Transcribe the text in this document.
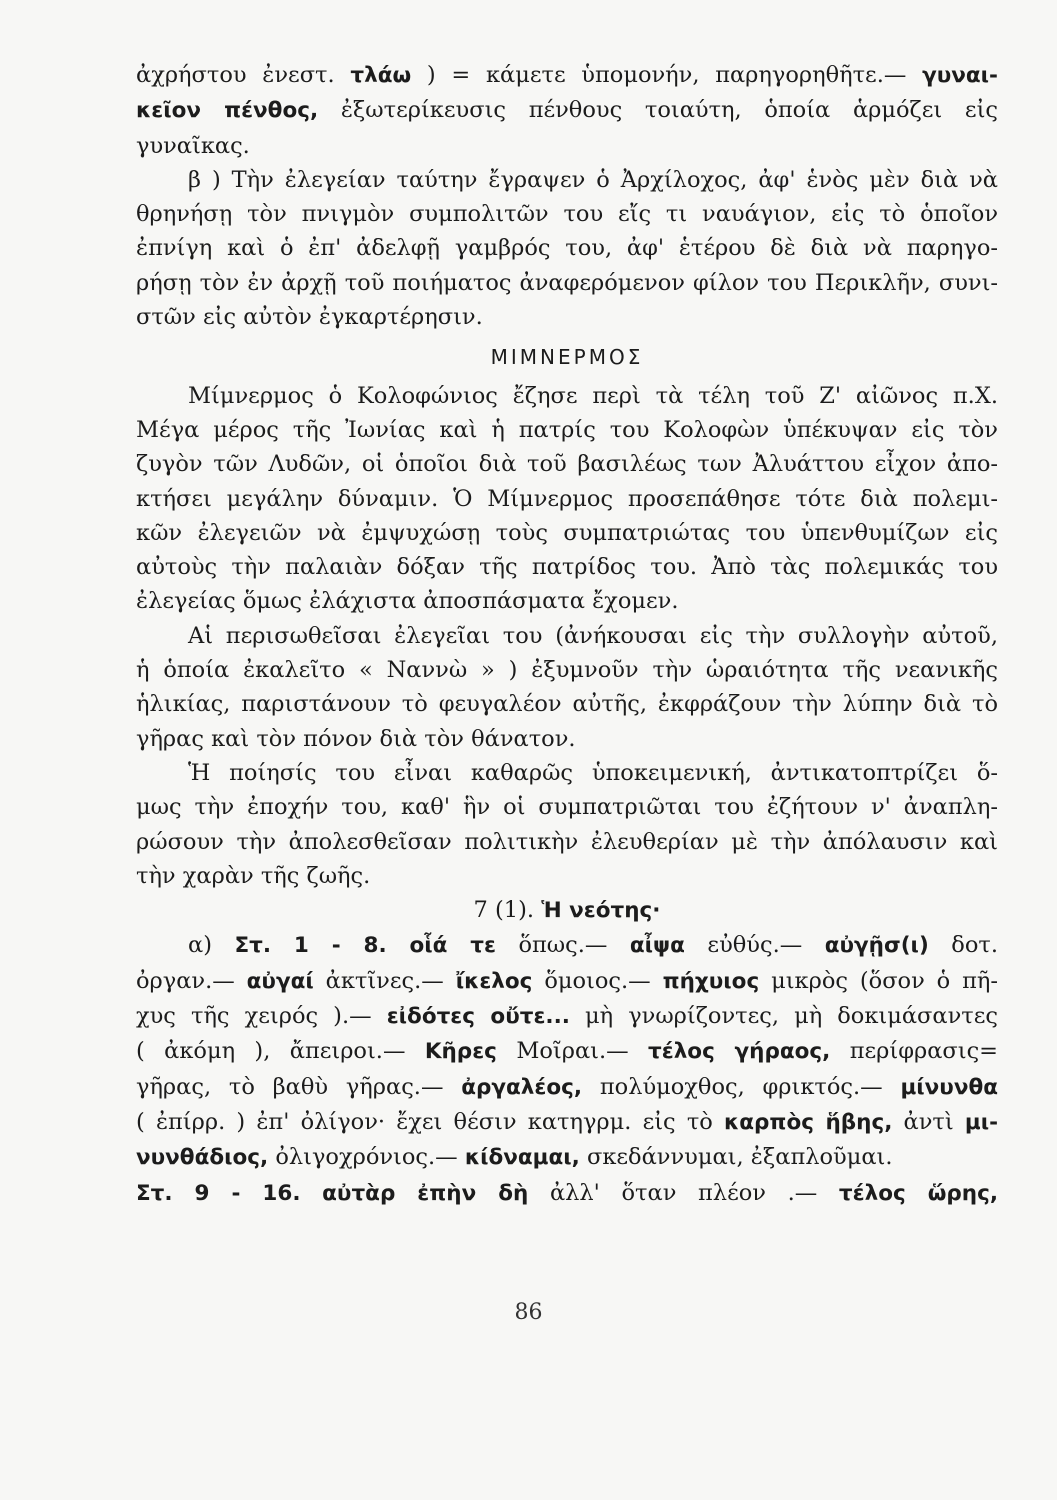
ἀχρήστου ἐνεστ. τλάω ) = κάμετε ὑπομονήν, παρηγορηθῆτε.— γυναι-
κεῖον πένθος, ἐξωτερίκευσις πένθους τοιαύτη, ὁποία ἁρμόζει εἰς
γυναῖκας.
β ) Τὴν ἐλεγείαν ταύτην ἔγραψεν ὁ Ἀρχίλοχος, ἀφ' ἑνὸς μὲν διὰ νὰ
θρηνήσῃ τὸν πνιγμὸν συμπολιτῶν του εἴς τι ναυάγιον, εἰς τὸ ὁποῖον
ἐπνίγη καὶ ὁ ἐπ' ἀδελφῇ γαμβρός του, ἀφ' ἑτέρου δὲ διὰ νὰ παρηγο-
ρήσῃ τὸν ἐν ἀρχῇ τοῦ ποιήματος ἀναφερόμενον φίλον του Περικλῆν, συνι-
στῶν εἰς αὐτὸν ἐγκαρτέρησιν.
ΜΙΜΝΕΡΜΟΣ
Μίμνερμος ὁ Κολοφώνιος ἔζησε περὶ τὰ τέλη τοῦ Ζ' αἰῶνος π.Χ.
Μέγα μέρος τῆς Ἰωνίας καὶ ἡ πατρίς του Κολοφὼν ὑπέκυψαν εἰς τὸν
ζυγὸν τῶν Λυδῶν, οἱ ὁποῖοι διὰ τοῦ βασιλέως των Ἀλυάττου εἶχον ἀπο-
κτήσει μεγάλην δύναμιν. Ὁ Μίμνερμος προσεπάθησε τότε διὰ πολεμι-
κῶν ἐλεγειῶν νὰ ἐμψυχώσῃ τοὺς συμπατριώτας του ὑπενθυμίζων εἰς
αὐτοὺς τὴν παλαιὰν δόξαν τῆς πατρίδος του. Ἀπὸ τὰς πολεμικάς του
ἐλεγείας ὅμως ἐλάχιστα ἀποσπάσματα ἔχομεν.
Αἱ περισωθεῖσαι ἐλεγεῖαι του (ἀνήκουσαι εἰς τὴν συλλογὴν αὐτοῦ,
ἡ ὁποία ἐκαλεῖτο « Ναννὼ » ) ἐξυμνοῦν τὴν ὡραιότητα τῆς νεανικῆς
ἡλικίας, παριστάνουν τὸ φευγαλέον αὐτῆς, ἐκφράζουν τὴν λύπην διὰ τὸ
γῆρας καὶ τὸν πόνον διὰ τὸν θάνατον.
Ἡ ποίησίς του εἶναι καθαρῶς ὑποκειμενική, ἀντικατοπτρίζει ὅ-
μως τὴν ἐποχήν του, καθ' ἣν οἱ συμπατριῶται του ἐζήτουν ν' ἀναπλη-
ρώσουν τὴν ἀπολεσθεῖσαν πολιτικὴν ἐλευθερίαν μὲ τὴν ἀπόλαυσιν καὶ
τὴν χαρὰν τῆς ζωῆς.
7 (1). Ἡ νεότης·
α) Στ. 1 - 8. οἷά τε ὅπως.— αἶψα εὐθύς.— αὐγῇσ(ι) δοτ.
ὀργαν.— αὐγαί ἀκτῖνες.— ἴκελος ὅμοιος.— πήχυιος μικρὸς (ὅσον ὁ πῆ-
χυς τῆς χειρός ).— εἰδότες οὔτε... μὴ γνωρίζοντες, μὴ δοκιμάσαντες
( ἀκόμη ), ἄπειροι.— Κῆρες Μοῖραι.— τέλος γήραος, περίφρασις=
γῆρας, τὸ βαθὺ γῆρας.— ἀργαλέος, πολύμοχθος, φρικτός.— μίνυνθα
( ἐπίρρ. ) ἐπ' ὀλίγον· ἔχει θέσιν κατηγρμ. εἰς τὸ καρπὸς ἥβης, ἀντὶ μι-
νυνθάδιος, ὀλιγοχρόνιος.— κίδναμαι, σκεδάννυμαι, ἐξαπλοῦμαι.
Στ. 9 - 16. αὐτὰρ ἐπὴν δὴ ἀλλ' ὅταν πλέον .— τέλος ὥρης,
86
